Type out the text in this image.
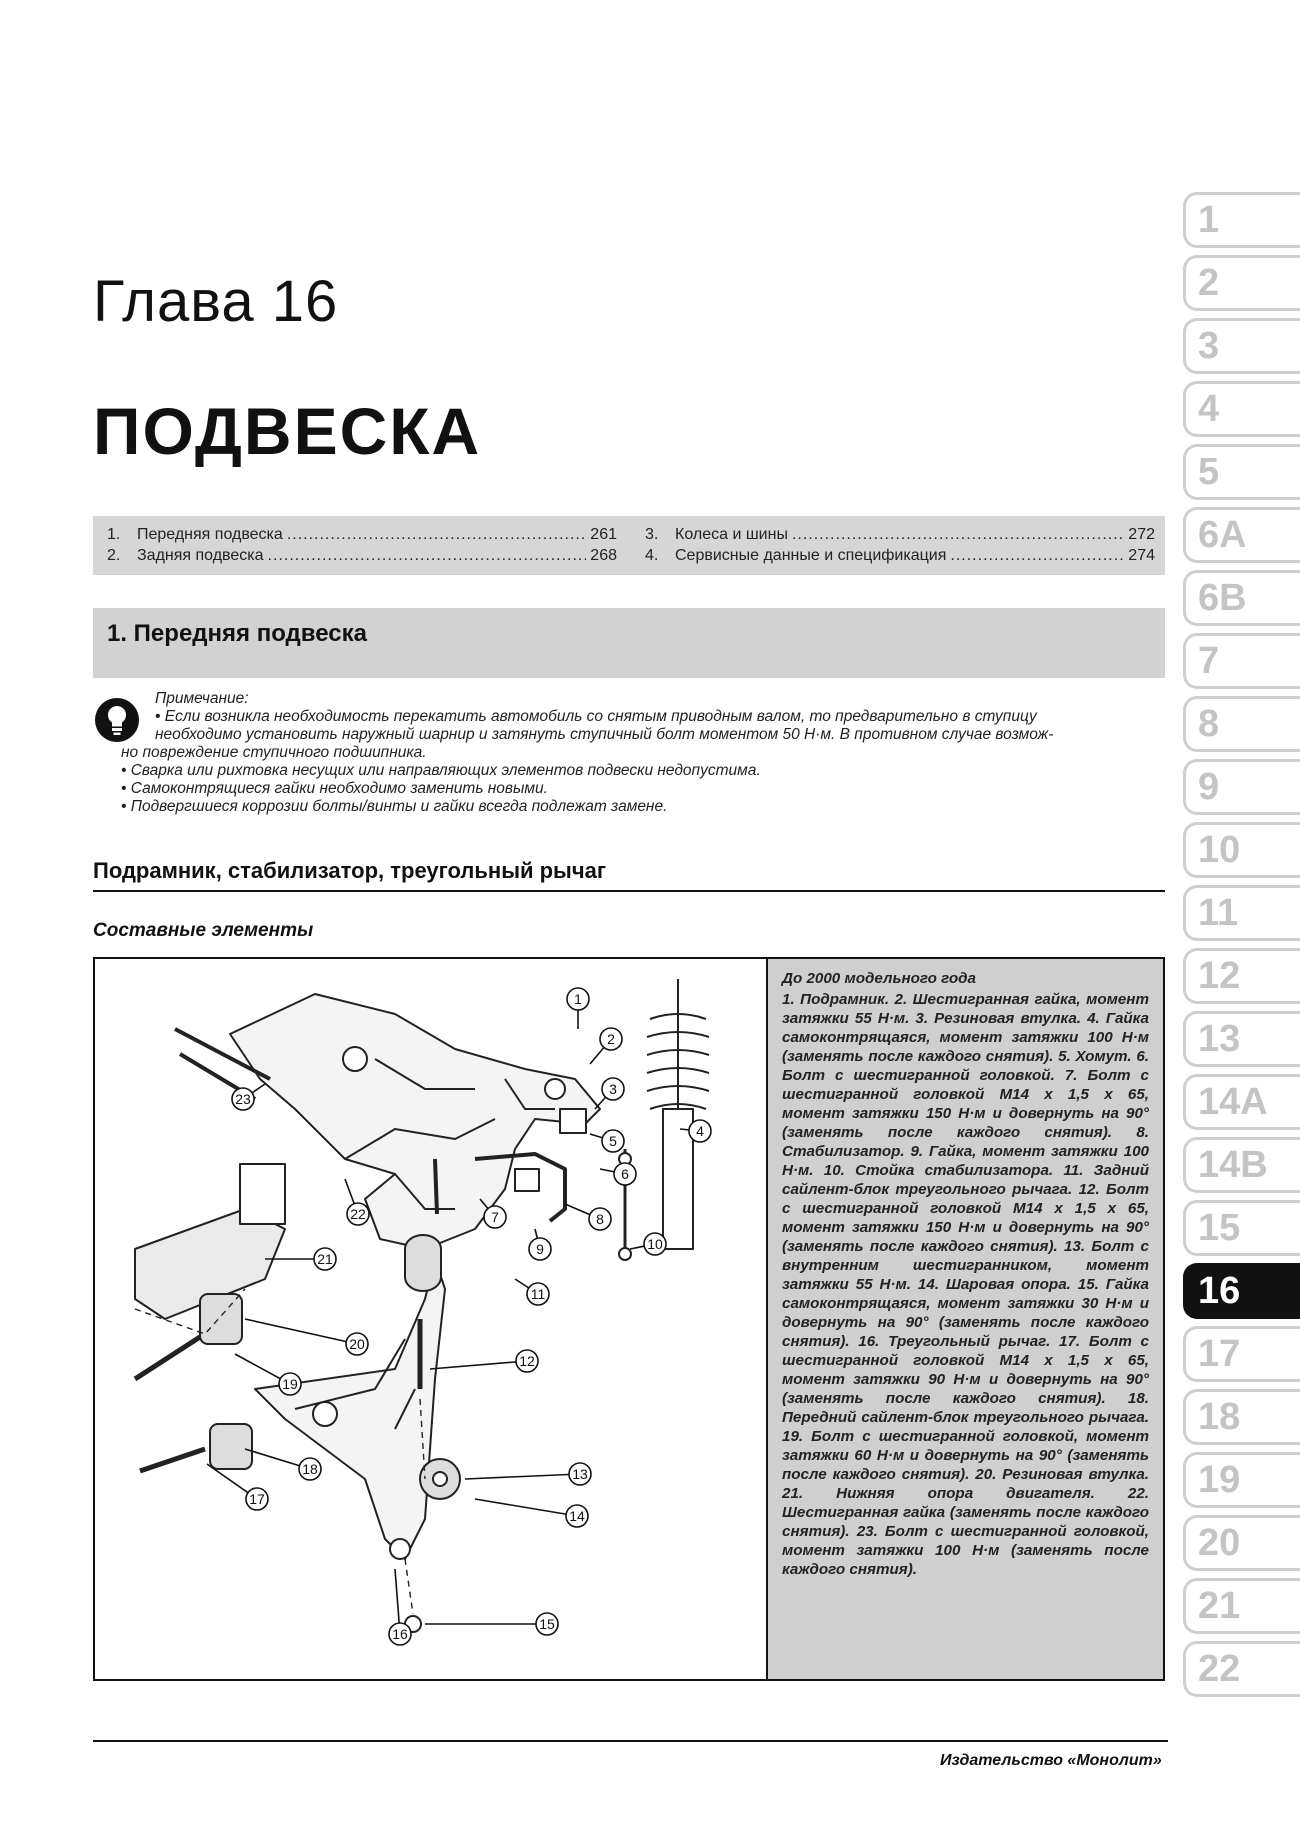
Глава 16
ПОДВЕСКА
1.	Передняя подвеска .....	261
2.	Задняя подвеска .....	268
3.	Колеса и шины .....	272
4.	Сервисные данные и спецификация .....	274
1. Передняя подвеска
Примечание:
• Если возникла необходимость перекатить автомобиль со снятым приводным валом, то предварительно в ступицу
необходимо установить наружный шарнир и затянуть ступичный болт моментом 50 Н·м. В противном случае возмож-
но повреждение ступичного подшипника.
• Сварка или рихтовка несущих или направляющих элементов подвески недопустима.
• Самоконтрящиеся гайки необходимо заменить новыми.
• Подвергшиеся коррозии болты/винты и гайки всегда подлежат замене.
Подрамник, стабилизатор, треугольный рычаг
Составные элементы
1
2
3
4
5
6
7	8
9	10
11
12
13
14
15
16
17
18
19
20
21
22
23
До 2000 модельного года

1. Подрамник. 2. Шестигранная гайка, момент затяжки 55 Н·м. 3. Резиновая втулка. 4. Гайка самоконтрящаяся, момент затяжки 100 Н·м (заменять после каждого снятия). 5. Хомут. 6. Болт с шестигранной головкой. 7. Болт с шестигранной головкой M14 x 1,5 x 65, момент затяжки 150 Н·м и довернуть на 90° (заменять после каждого снятия). 8. Стабилизатор. 9. Гайка, момент затяжки 100 Н·м. 10. Стойка стабилизатора. 11. Задний сайлент-блок треугольного рычага. 12. Болт с шестигранной головкой M14 x 1,5 x 65, момент затяжки 150 Н·м и довернуть на 90° (заменять после каждого снятия). 13. Болт с внутренним шестигранником, момент затяжки 55 Н·м. 14. Шаровая опора. 15. Гайка самоконтрящаяся, момент затяжки 30 Н·м и довернуть на 90° (заменять после каждого снятия). 16. Треугольный рычаг. 17. Болт с шестигранной головкой M14 x 1,5 x 65, момент затяжки 90 Н·м и довернуть на 90° (заменять после каждого снятия). 18. Передний сайлент-блок треугольного рычага. 19. Болт с шестигранной головкой, момент затяжки 60 Н·м и довернуть на 90° (заменять после каждого снятия). 20. Резиновая втулка. 21. Нижняя опора двигателя. 22. Шестигранная гайка (заменять после каждого снятия). 23. Болт с шестигранной головкой, момент затяжки 100 Н·м (заменять после каждого снятия).

Издательство «Монолит»
1
2
3
4
5
6A
6B
7
8
9
10
11
12
13
14A
14B
15
16
17
18
19
20
21
22
